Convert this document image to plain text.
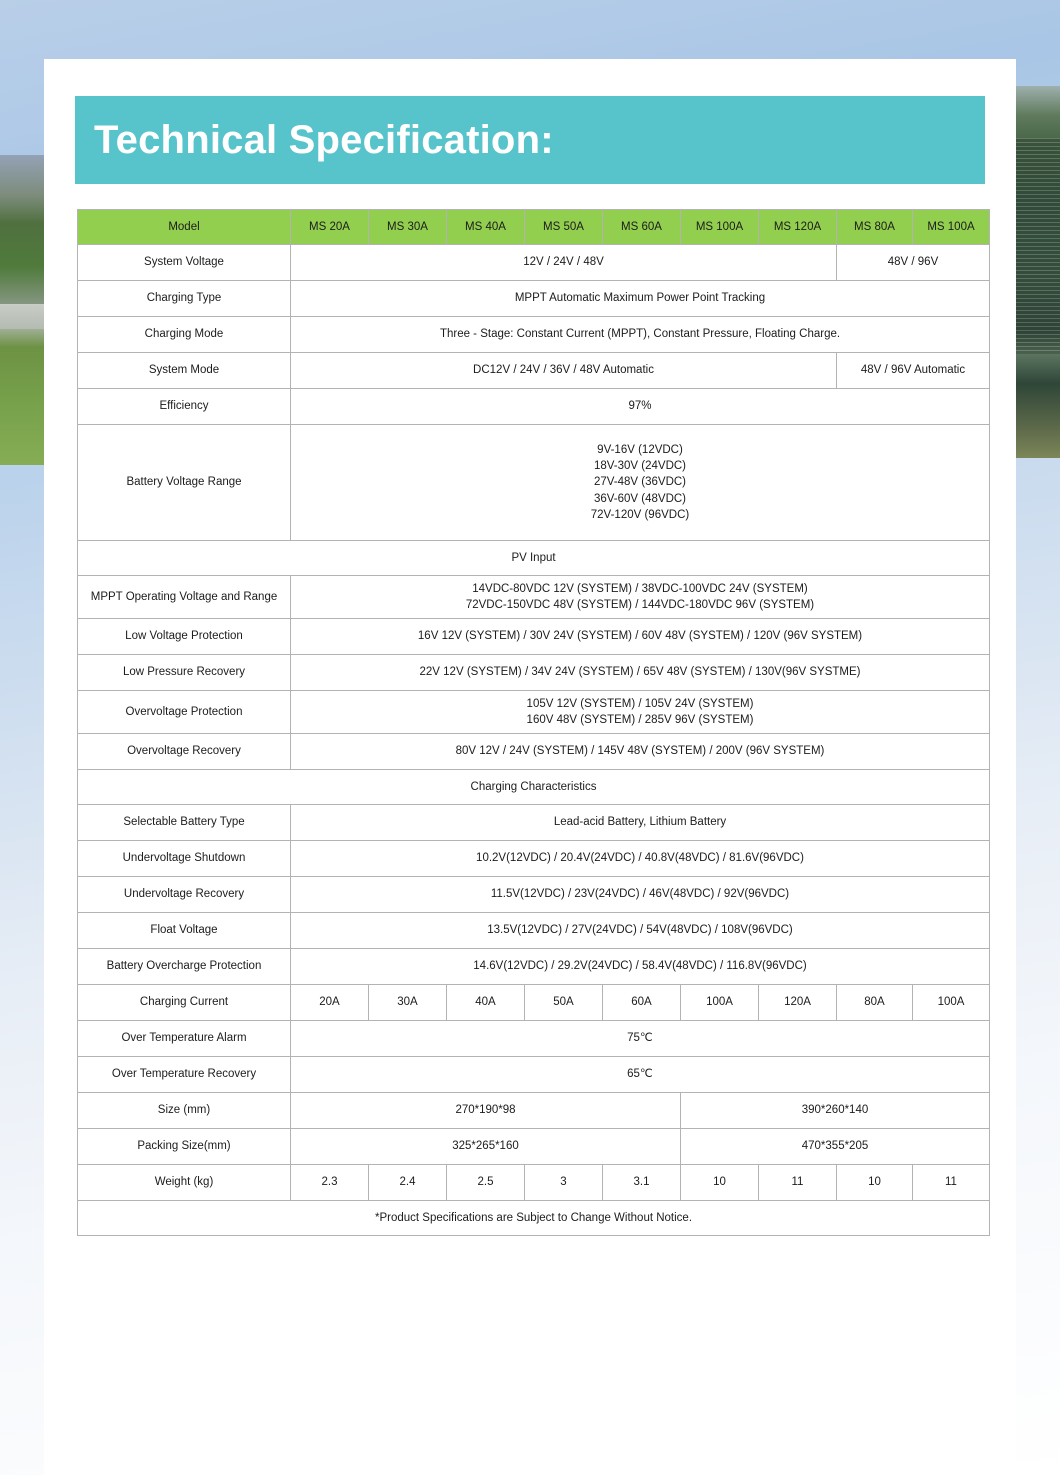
Technical Specification:
Model	MS 20A	MS 30A	MS 40A	MS 50A	MS 60A	MS 100A	MS 120A	MS 80A	MS 100A
System Voltage	12V / 24V / 48V							48V / 96V	
Charging Type	MPPT Automatic Maximum Power Point Tracking								
Charging Mode	Three - Stage: Constant Current (MPPT), Constant Pressure, Floating Charge.								
System Mode	DC12V / 24V / 36V / 48V Automatic							48V / 96V Automatic	
Efficiency	97%								
Battery Voltage Range	9V-16V (12VDC)
18V-30V (24VDC)
27V-48V (36VDC)
36V-60V (48VDC)
72V-120V (96VDC)								

PV Input									
MPPT Operating Voltage and Range	14VDC-80VDC 12V (SYSTEM) / 38VDC-100VDC 24V (SYSTEM)
72VDC-150VDC 48V (SYSTEM) / 144VDC-180VDC 96V (SYSTEM)								

Low Voltage Protection	16V 12V (SYSTEM) / 30V 24V (SYSTEM) / 60V 48V (SYSTEM) / 120V (96V SYSTEM)								
Low Pressure Recovery	22V 12V (SYSTEM) / 34V 24V (SYSTEM) / 65V 48V (SYSTEM) / 130V(96V SYSTME)								
Overvoltage Protection	105V 12V (SYSTEM) / 105V 24V (SYSTEM)
160V 48V (SYSTEM) / 285V 96V (SYSTEM)								

Overvoltage Recovery	80V 12V / 24V (SYSTEM) / 145V 48V (SYSTEM) / 200V (96V SYSTEM)								
Charging Characteristics									
Selectable Battery Type	Lead-acid Battery, Lithium Battery								
Undervoltage Shutdown	10.2V(12VDC) / 20.4V(24VDC) / 40.8V(48VDC) / 81.6V(96VDC)								
Undervoltage Recovery	11.5V(12VDC) / 23V(24VDC) / 46V(48VDC) / 92V(96VDC)								
Float Voltage	13.5V(12VDC) / 27V(24VDC) / 54V(48VDC) / 108V(96VDC)								
Battery Overcharge Protection	14.6V(12VDC) / 29.2V(24VDC) / 58.4V(48VDC) / 116.8V(96VDC)								
Charging Current	20A	30A	40A	50A	60A	100A	120A	80A	100A
Over Temperature Alarm	75℃								
Over Temperature Recovery	65℃								
Size (mm)	270*190*98					390*260*140			
Packing Size(mm)	325*265*160					470*355*205			
Weight (kg)	2.3	2.4	2.5	3	3.1	10	11	10	11
*Product Specifications are Subject to Change Without Notice.									
